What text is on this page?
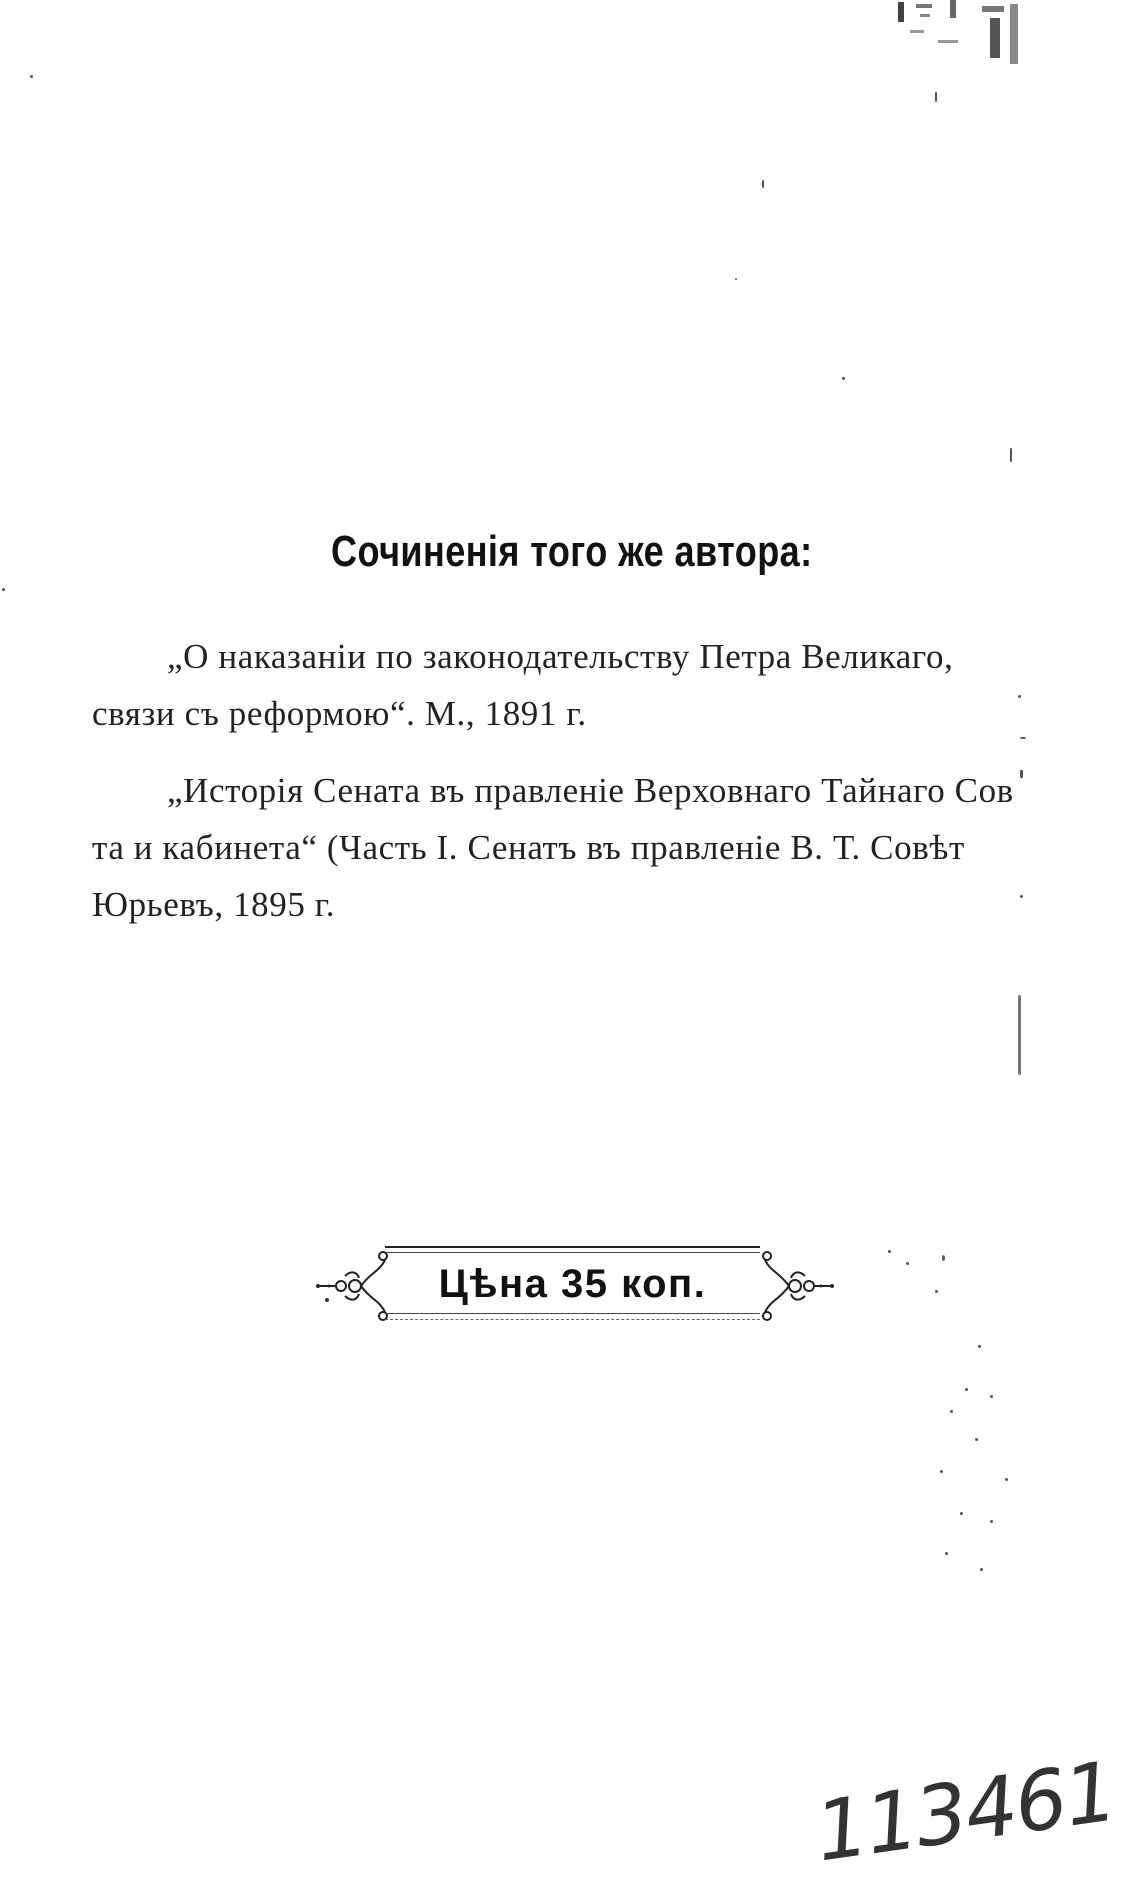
Сочиненія того же автора:
„О наказаніи по законодательству Петра Великаго,
связи съ реформою“. М., 1891 г.
„Исторія Сената въ правленіе Верховнаго Тайнаго Сов
та и кабинета“ (Часть I. Сенатъ въ правленіе В. Т. Совѣт
Юрьевъ, 1895 г.
Цѣна 35 коп.
113461
